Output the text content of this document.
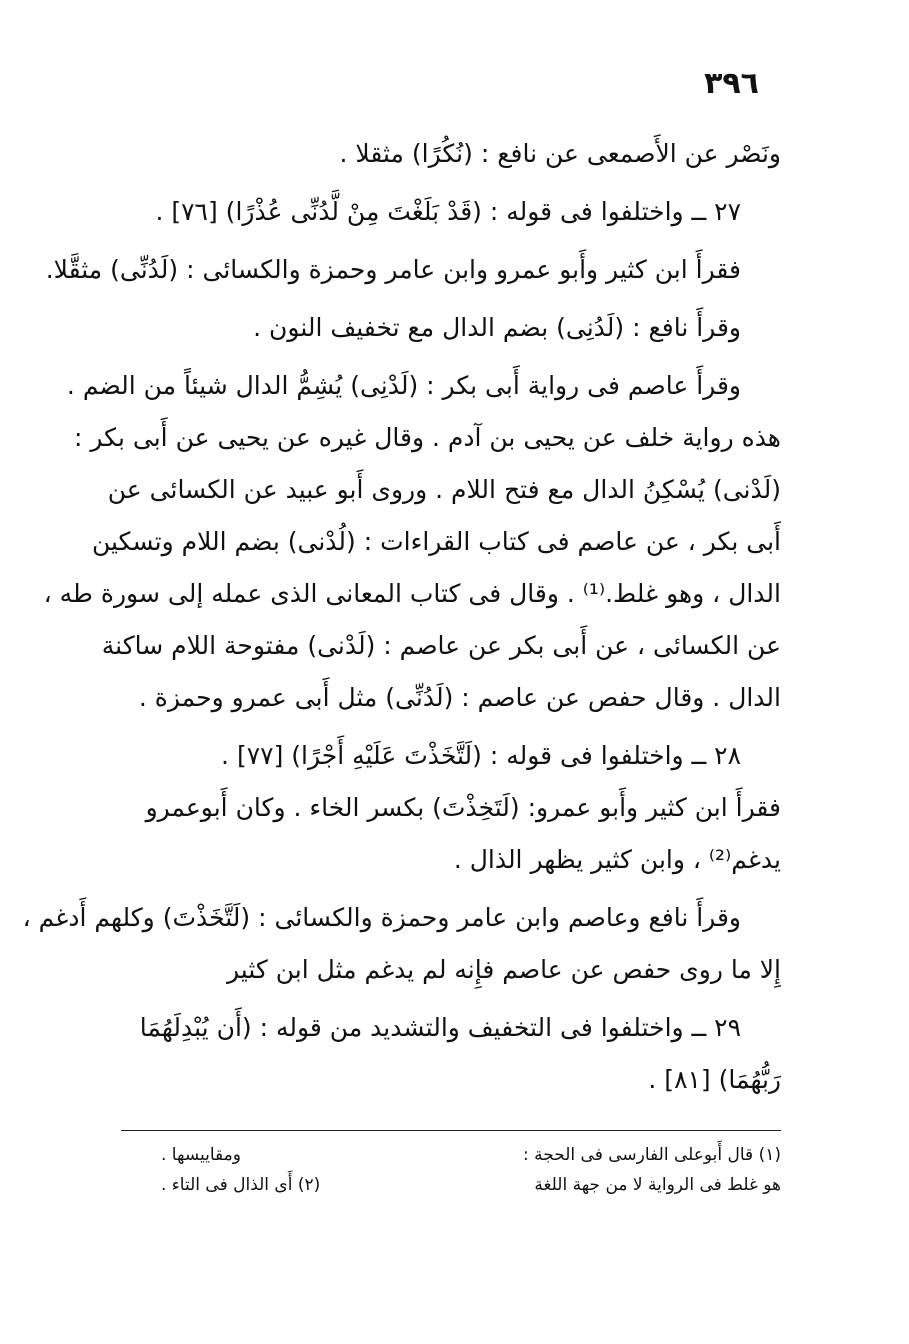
٣٩٦
ونَصْر عن الأَصمعى عن نافع : (نُكُرًا) مثقلا .
٢٧ ــ واختلفوا فى قوله : (قَدْ بَلَغْتَ مِنْ لَّدُنِّى عُذْرًا) [٧٦] .
فقرأَ ابن كثير وأَبو عمرو وابن عامر وحمزة والكسائى : (لَدُنِّى) مثقَّلا.
وقرأَ نافع : (لَدُنِى) بضم الدال مع تخفيف النون .
وقرأَ عاصم فى رواية أَبى بكر : (لَدْنِى) يُشِمُّ الدال شيئاً من الضم .
هذه رواية خلف عن يحيى بن آدم . وقال غيره عن يحيى عن أَبى بكر :
(لَدْنى) يُسْكِنُ الدال مع فتح اللام . وروى أَبو عبيد عن الكسائى عن
أَبى بكر ، عن عاصم فى كتاب القراءات : (لُدْنى) بضم اللام وتسكين
الدال ، وهو غلط.⁽¹⁾ . وقال فى كتاب المعانى الذى عمله إلى سورة طه ،
عن الكسائى ، عن أَبى بكر عن عاصم : (لَدْنى) مفتوحة اللام ساكنة
الدال . وقال حفص عن عاصم : (لَدُنِّى) مثل أَبى عمرو وحمزة .
٢٨ ــ واختلفوا فى قوله : (لَتَّخَذْتَ عَلَيْهِ أَجْرًا) [٧٧] .
فقرأَ ابن كثير وأَبو عمرو: (لَتَخِذْتَ) بكسر الخاء . وكان أَبوعمرو
يدغم⁽²⁾ ، وابن كثير يظهر الذال .
وقرأَ نافع وعاصم وابن عامر وحمزة والكسائى : (لَتَّخَذْتَ) وكلهم أَدغم ،
إِلا ما روى حفص عن عاصم فإِنه لم يدغم مثل ابن كثير
٢٩ ــ واختلفوا فى التخفيف والتشديد من قوله : (أَن يُبْدِلَهُمَا
رَبُّهُمَا) [٨١] .
(١) قال أَبوعلى الفارسى فى الحجة :
ومقاييسها .
هو غلط فى الرواية لا من جهة اللغة
(٢) أَى الذال فى التاء .
